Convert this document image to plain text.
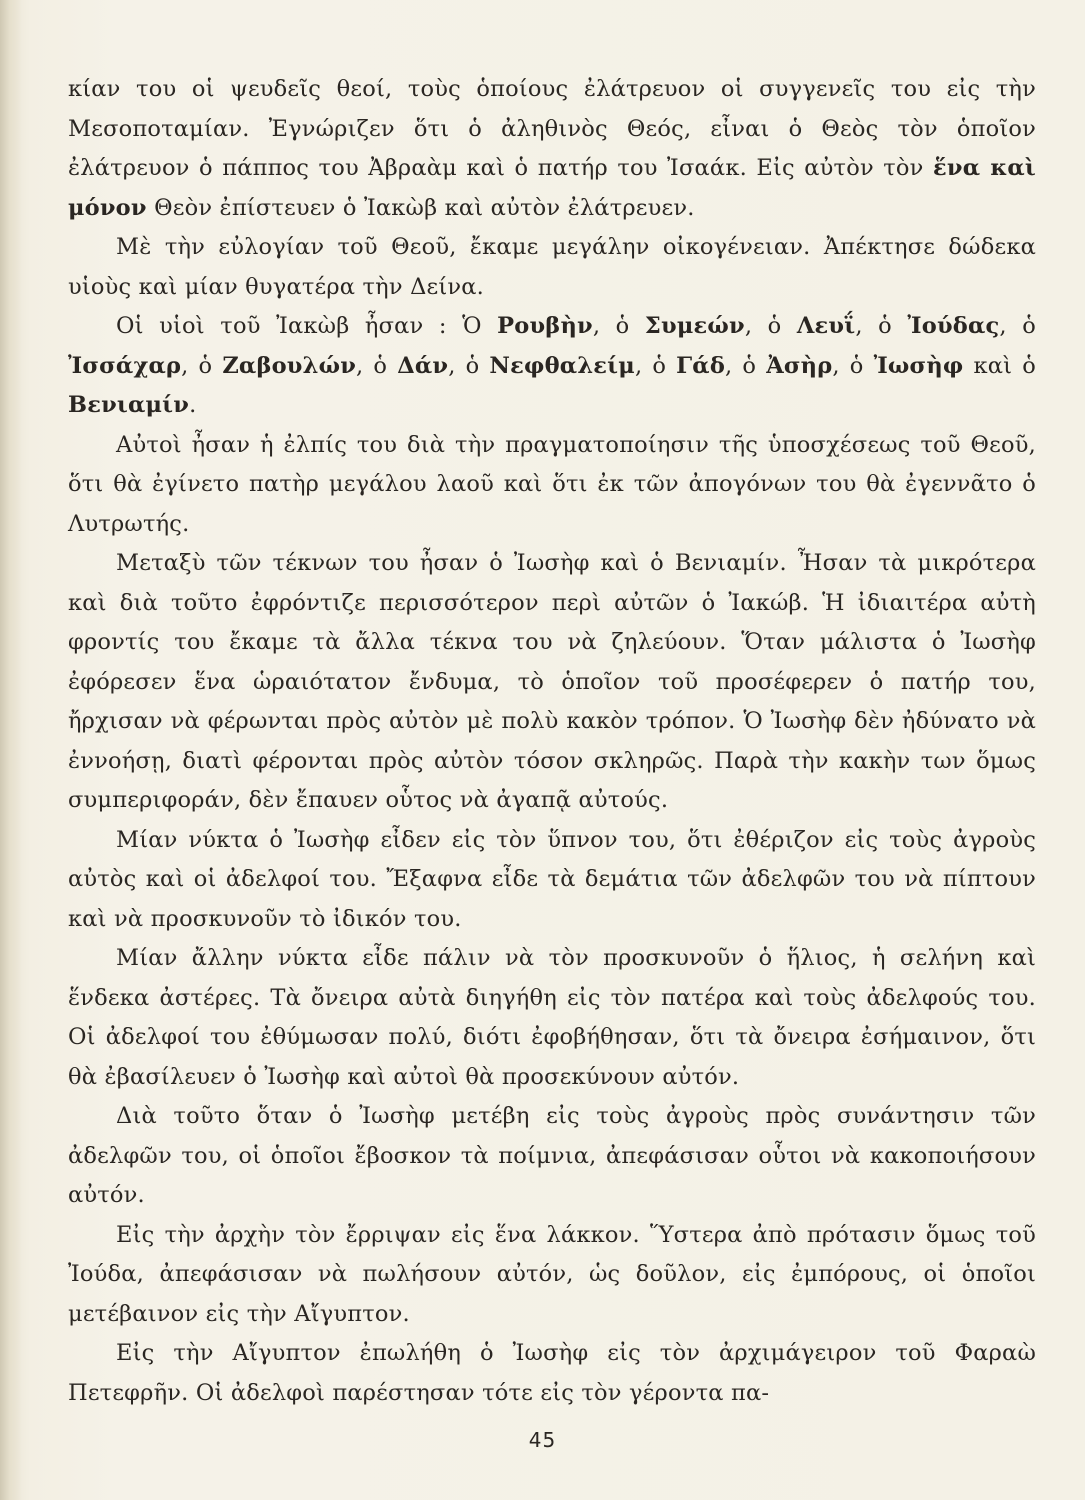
κίαν του οἱ ψευδεῖς θεοί, τοὺς ὁποίους ἐλάτρευον οἱ συγγενεῖς του εἰς τὴν Μεσοποταμίαν. Ἐγνώριζεν ὅτι ὁ ἀληθινὸς Θεός, εἶναι ὁ Θεὸς τὸν ὁποῖον ἐλάτρευον ὁ πάππος του Ἀβραὰμ καὶ ὁ πατήρ του Ἰσαάκ. Εἰς αὐτὸν τὸν ἕνα καὶ μόνον Θεὸν ἐπίστευεν ὁ Ἰακὼβ καὶ αὐτὸν ἐλάτρευεν.

Μὲ τὴν εὐλογίαν τοῦ Θεοῦ, ἔκαμε μεγάλην οἰκογένειαν. Ἀπέκτησε δώδεκα υἱοὺς καὶ μίαν θυγατέρα τὴν Δείνα.

Οἱ υἱοὶ τοῦ Ἰακὼβ ἦσαν : Ὁ Ρουβὴν, ὁ Συμεών, ὁ Λευΐ, ὁ Ἰούδας, ὁ Ἰσσάχαρ, ὁ Ζαβουλών, ὁ Δάν, ὁ Νεφθαλείμ, ὁ Γάδ, ὁ Ἀσὴρ, ὁ Ἰωσὴφ καὶ ὁ Βενιαμίν.

Αὐτοὶ ἦσαν ἡ ἐλπίς του διὰ τὴν πραγματοποίησιν τῆς ὑποσχέσεως τοῦ Θεοῦ, ὅτι θὰ ἐγίνετο πατὴρ μεγάλου λαοῦ καὶ ὅτι ἐκ τῶν ἀπογόνων του θὰ ἐγεννᾶτο ὁ Λυτρωτής.

Μεταξὺ τῶν τέκνων του ἦσαν ὁ Ἰωσὴφ καὶ ὁ Βενιαμίν. Ἦσαν τὰ μικρότερα καὶ διὰ τοῦτο ἐφρόντιζε περισσότερον περὶ αὐτῶν ὁ Ἰακώβ. Ἡ ἰδιαιτέρα αὐτὴ φροντίς του ἔκαμε τὰ ἄλλα τέκνα του νὰ ζηλεύουν. Ὅταν μάλιστα ὁ Ἰωσὴφ ἐφόρεσεν ἕνα ὡραιότατον ἔνδυμα, τὸ ὁποῖον τοῦ προσέφερεν ὁ πατήρ του, ἤρχισαν νὰ φέρωνται πρὸς αὐτὸν μὲ πολὺ κακὸν τρόπον. Ὁ Ἰωσὴφ δὲν ἠδύνατο νὰ ἐννοήσῃ, διατὶ φέρονται πρὸς αὐτὸν τόσον σκληρῶς. Παρὰ τὴν κακὴν των ὅμως συμπεριφοράν, δὲν ἔπαυεν οὗτος νὰ ἀγαπᾷ αὐτούς.

Μίαν νύκτα ὁ Ἰωσὴφ εἶδεν εἰς τὸν ὕπνον του, ὅτι ἐθέριζον εἰς τοὺς ἀγροὺς αὐτὸς καὶ οἱ ἀδελφοί του. Ἔξαφνα εἶδε τὰ δεμάτια τῶν ἀδελφῶν του νὰ πίπτουν καὶ νὰ προσκυνοῦν τὸ ἰδικόν του.

Μίαν ἄλλην νύκτα εἶδε πάλιν νὰ τὸν προσκυνοῦν ὁ ἥλιος, ἡ σελήνη καὶ ἕνδεκα ἀστέρες. Τὰ ὄνειρα αὐτὰ διηγήθη εἰς τὸν πατέρα καὶ τοὺς ἀδελφούς του. Οἱ ἀδελφοί του ἐθύμωσαν πολύ, διότι ἐφοβήθησαν, ὅτι τὰ ὄνειρα ἐσήμαινον, ὅτι θὰ ἐβασίλευεν ὁ Ἰωσὴφ καὶ αὐτοὶ θὰ προσεκύνουν αὐτόν.

Διὰ τοῦτο ὅταν ὁ Ἰωσὴφ μετέβη εἰς τοὺς ἀγροὺς πρὸς συνάντησιν τῶν ἀδελφῶν του, οἱ ὁποῖοι ἔβοσκον τὰ ποίμνια, ἀπεφάσισαν οὗτοι νὰ κακοποιήσουν αὐτόν.

Εἰς τὴν ἀρχὴν τὸν ἔρριψαν εἰς ἕνα λάκκον. Ὕστερα ἀπὸ πρότασιν ὅμως τοῦ Ἰούδα, ἀπεφάσισαν νὰ πωλήσουν αὐτόν, ὡς δοῦλον, εἰς ἐμπόρους, οἱ ὁποῖοι μετέβαινον εἰς τὴν Αἴγυπτον.

Εἰς τὴν Αἴγυπτον ἐπωλήθη ὁ Ἰωσὴφ εἰς τὸν ἀρχιμάγειρον τοῦ Φαραὼ Πετεφρῆν. Οἱ ἀδελφοὶ παρέστησαν τότε εἰς τὸν γέροντα πα-

45
